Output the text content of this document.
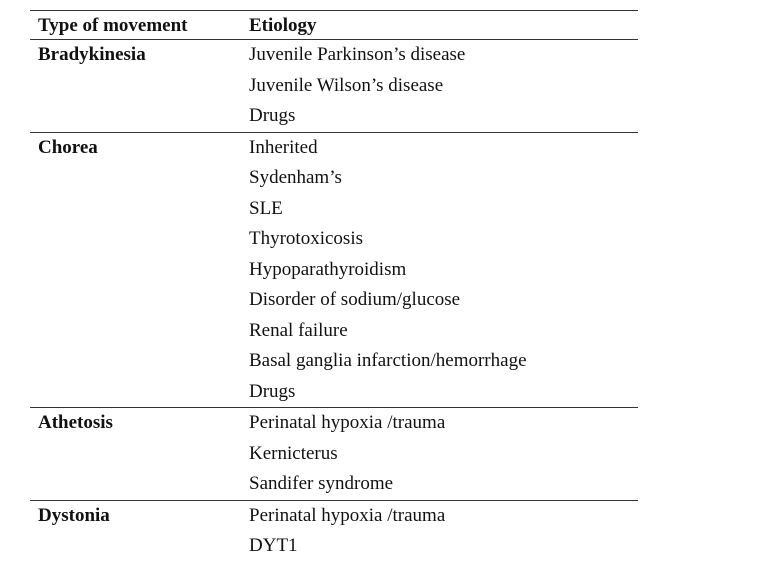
Type of movement	Etiology
Bradykinesia	Juvenile Parkinson’s disease
Juvenile Wilson’s disease
Drugs
Chorea	Inherited
Sydenham’s
SLE
Thyrotoxicosis
Hypoparathyroidism
Disorder of sodium/glucose
Renal failure
Basal ganglia infarction/hemorrhage
Drugs
Athetosis	Perinatal hypoxia /trauma
Kernicterus
Sandifer syndrome
Dystonia	Perinatal hypoxia /trauma
DYT1
